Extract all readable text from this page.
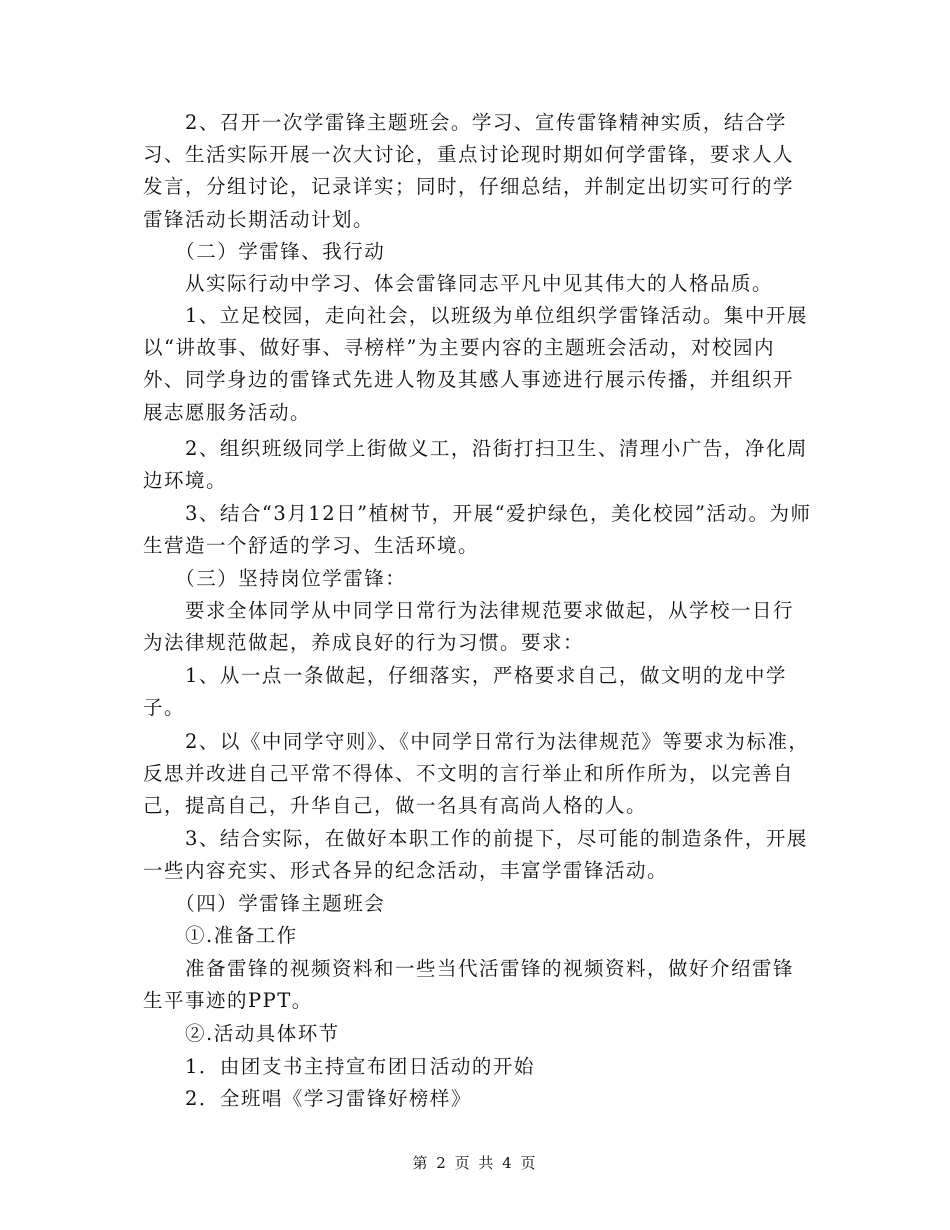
　　2、召开一次学雷锋主题班会。学习、宣传雷锋精神实质，结合学习、生活实际开展一次大讨论，重点讨论现时期如何学雷锋，要求人人发言，分组讨论，记录详实；同时，仔细总结，并制定出切实可行的学雷锋活动长期活动计划。

　　（二）学雷锋、我行动

　　从实际行动中学习、体会雷锋同志平凡中见其伟大的人格品质。

　　1、立足校园，走向社会，以班级为单位组织学雷锋活动。集中开展以“讲故事、做好事、寻榜样”为主要内容的主题班会活动，对校园内外、同学身边的雷锋式先进人物及其感人事迹进行展示传播，并组织开展志愿服务活动。

　　2、组织班级同学上街做义工，沿街打扫卫生、清理小广告，净化周边环境。

　　3、结合“3月12日”植树节，开展“爱护绿色，美化校园”活动。为师生营造一个舒适的学习、生活环境。

　　（三）坚持岗位学雷锋：

　　要求全体同学从中同学日常行为法律规范要求做起，从学校一日行为法律规范做起，养成良好的行为习惯。要求：

　　1、从一点一条做起，仔细落实，严格要求自己，做文明的龙中学子。

　　2、以《中同学守则》、《中同学日常行为法律规范》等要求为标准，反思并改进自己平常不得体、不文明的言行举止和所作所为，以完善自己，提高自己，升华自己，做一名具有高尚人格的人。

　　3、结合实际，在做好本职工作的前提下，尽可能的制造条件，开展一些内容充实、形式各异的纪念活动，丰富学雷锋活动。

　　（四）学雷锋主题班会

　　①.准备工作

　　准备雷锋的视频资料和一些当代活雷锋的视频资料，做好介绍雷锋生平事迹的PPT。

　　②.活动具体环节

　　1．由团支书主持宣布团日活动的开始

　　2．全班唱《学习雷锋好榜样》

第 2 页 共 4 页
